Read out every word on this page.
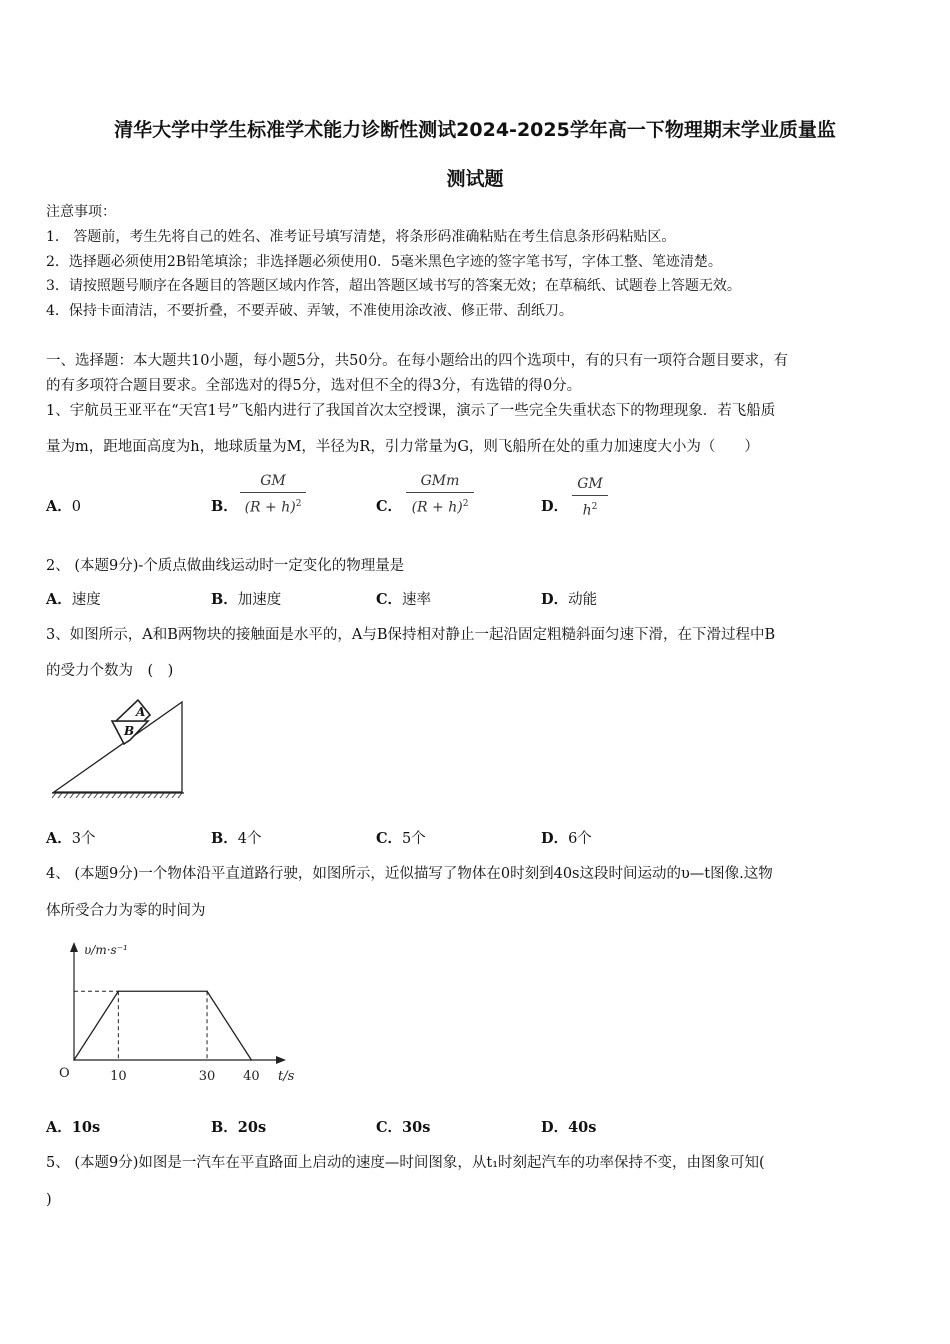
清华大学中学生标准学术能力诊断性测试2024-2025学年高一下物理期末学业质量监
测试题
注意事项：
1． 答题前，考生先将自己的姓名、准考证号填写清楚，将条形码准确粘贴在考生信息条形码粘贴区。
2．选择题必须使用2B铅笔填涂；非选择题必须使用0．5毫米黑色字迹的签字笔书写，字体工整、笔迹清楚。
3．请按照题号顺序在各题目的答题区域内作答，超出答题区域书写的答案无效；在草稿纸、试题卷上答题无效。
4．保持卡面清洁，不要折叠，不要弄破、弄皱，不准使用涂改液、修正带、刮纸刀。
一、选择题：本大题共10小题，每小题5分，共50分。在每小题给出的四个选项中，有的只有一项符合题目要求，有
的有多项符合题目要求。全部选对的得5分，选对但不全的得3分，有选错的得0分。
1、宇航员王亚平在“天宫1号”飞船内进行了我国首次太空授课，演示了一些完全失重状态下的物理现象．若飞船质
量为m，距地面高度为h，地球质量为M，半径为R，引力常量为G，则飞船所在处的重力加速度大小为（　　）
A．0	B．
GM
$(R + h)^2$	C．
GMm
$(R + h)^2$	D．
GM
$h^2$
2、 (本题9分)-个质点做曲线运动时一定变化的物理量是
A．速度	B．加速度	C．速率	D．动能
3、如图所示，A和B两物块的接触面是水平的，A与B保持相对静止一起沿固定粗糙斜面匀速下滑，在下滑过程中B
的受力个数为　(　)
A
B
A．3个	B．4个	C．5个	D．6个
4、 (本题9分)一个物体沿平直道路行驶，如图所示，近似描写了物体在0时刻到40s这段时间运动的υ—t图像.这物
体所受合力为零的时间为
υ/m·s⁻¹
t/s
O	10	30 40
A．10s	B．20s	C．30s	D．40s
5、 (本题9分)如图是一汽车在平直路面上启动的速度—时间图象，从t₁时刻起汽车的功率保持不变，由图象可知(
)
